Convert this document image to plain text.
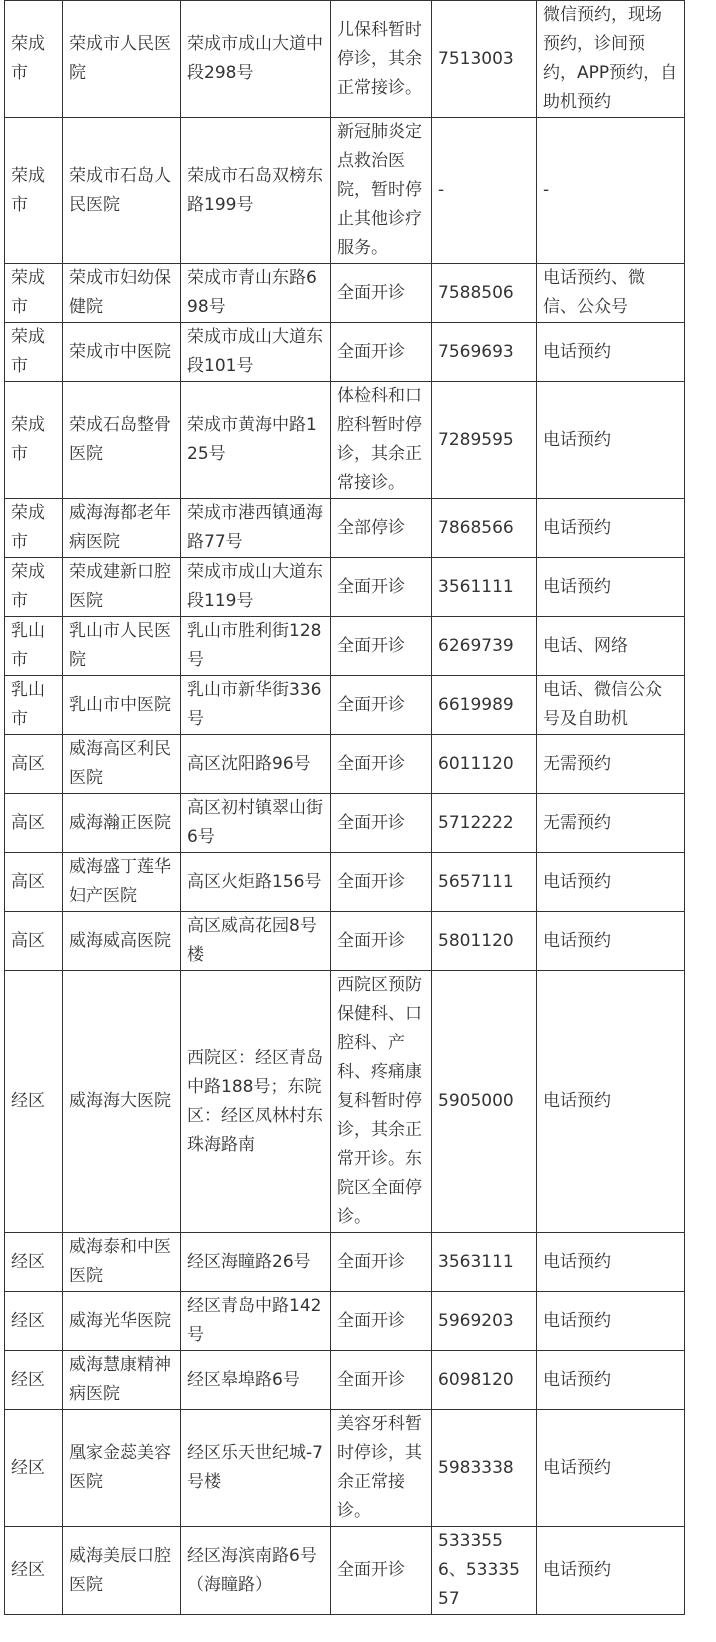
荣成市	荣成市人民医院	荣成市成山大道中段298号	儿保科暂时停诊，其余正常接诊。	7513003	微信预约，现场预约，诊间预约，APP预约，自助机预约
荣成市	荣成市石岛人民医院	荣成市石岛双榜东路199号	新冠肺炎定点救治医院，暂时停止其他诊疗服务。	-	-
荣成市	荣成市妇幼保健院	荣成市青山东路698号	全面开诊	7588506	电话预约、微信、公众号
荣成市	荣成市中医院	荣成市成山大道东段101号	全面开诊	7569693	电话预约
荣成市	荣成石岛整骨医院	荣成市黄海中路125号	体检科和口腔科暂时停诊，其余正常接诊。	7289595	电话预约
荣成市	威海海都老年病医院	荣成市港西镇通海路77号	全部停诊	7868566	电话预约
荣成市	荣成建新口腔医院	荣成市成山大道东段119号	全面开诊	3561111	电话预约
乳山市	乳山市人民医院	乳山市胜利街128号	全面开诊	6269739	电话、网络
乳山市	乳山市中医院	乳山市新华街336号	全面开诊	6619989	电话、微信公众号及自助机
高区	威海高区利民医院	高区沈阳路96号	全面开诊	6011120	无需预约
高区	威海瀚正医院	高区初村镇翠山街6号	全面开诊	5712222	无需预约
高区	威海盛丁莲华妇产医院	高区火炬路156号	全面开诊	5657111	电话预约
高区	威海威高医院	高区威高花园8号楼	全面开诊	5801120	电话预约
经区	威海海大医院	西院区：经区青岛中路188号；东院区：经区凤林村东珠海路南	西院区预防保健科、口腔科、产科、疼痛康复科暂时停诊，其余正常开诊。东院区全面停诊。	5905000	电话预约
经区	威海泰和中医医院	经区海瞳路26号	全面开诊	3563111	电话预约
经区	威海光华医院	经区青岛中路142号	全面开诊	5969203	电话预约
经区	威海慧康精神病医院	经区皋埠路6号	全面开诊	6098120	电话预约
经区	凰家金蕊美容医院	经区乐天世纪城-7号楼	美容牙科暂时停诊，其余正常接诊。	5983338	电话预约
经区	威海美辰口腔医院	经区海滨南路6号（海瞳路）	全面开诊	5333556、5333557	电话预约
